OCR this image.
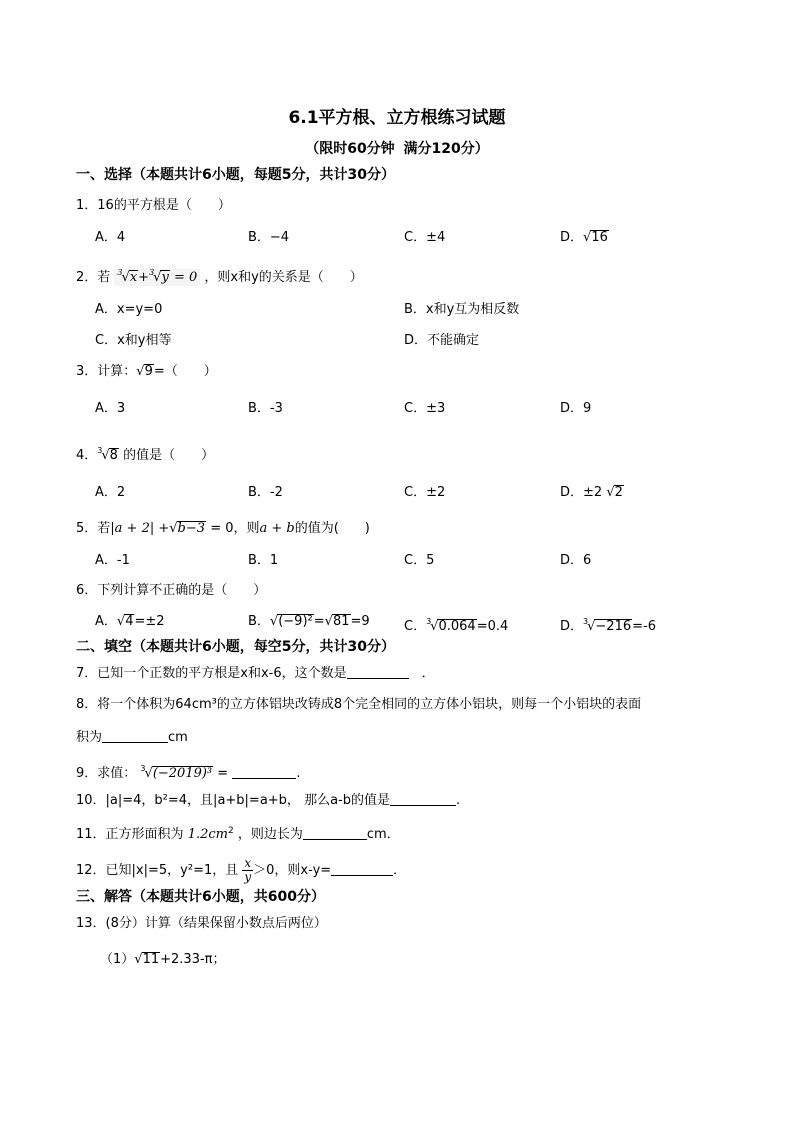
6.1平方根、立方根练习试题
（限时60分钟 满分120分）
一、选择（本题共计6小题，每题5分，共计30分）
1．16的平方根是（　　）
A．4	B．−4	C．±4	D．√16
2．若 $^3$√x+$^3$√y = 0 ，则x和y的关系是（　　）
A．x=y=0	B．x和y互为相反数
C．x和y相等	D．不能确定
3．计算：√9=（　　）
A．3	B．-3	C．±3	D．9
4．$^3$√8 的值是（　　）
A．2	B．-2	C．±2	D．±2 √2
5．若|a + 2| +√b−3 = 0，则a + b的值为(　　)
A．-1	B．1	C．5	D．6
6．下列计算不正确的是（　　）
A．√4=±2	B．√(−9)²=√81=9	C．$^3$√0.064=0.4	D．$^3$√−216=-6
二、填空（本题共计6小题，每空5分，共计30分）
7．已知一个正数的平方根是x和x-6，这个数是　	．
8．将一个体积为64cm³的立方体铝块改铸成8个完全相同的立方体小铝块，则每一个小铝块的表面
积为	cm
9．求值： $^3$√(−2019)³ =	.
10．|a|=4，b²=4，且|a+b|=a+b， 那么a-b的值是	.
11．正方形面积为 $1.2cm^2$ ，则边长为	cm．
12．已知|x|=5，y²=1，且 $\frac{x}{y} >0$，则x-y=	．
三、解答（本题共计6小题，共600分）
13．(8分）计算（结果保留小数点后两位）
（1）√11+2.33-π；
